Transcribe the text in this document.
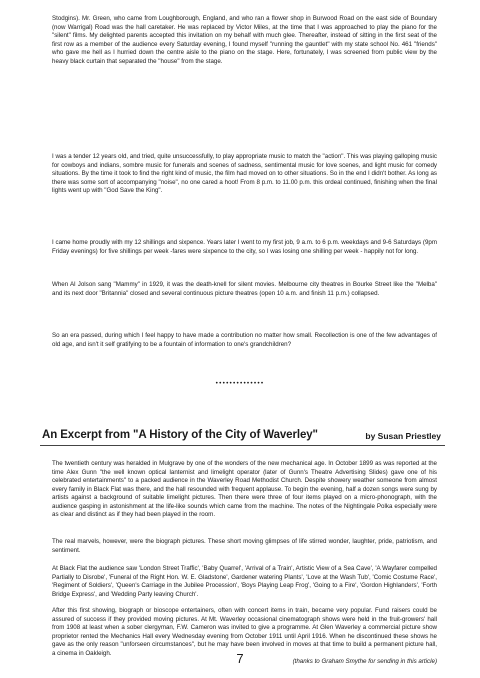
Stodgins). Mr. Green, who came from Loughborough, England, and who ran a flower shop in Burwood Road on the east side of Boundary (now Warrigal) Road was the hall caretaker. He was replaced by Victor Miles, at the time that I was approached to play the piano for the "silent" films. My delighted parents accepted this invitation on my behalf with much glee. Thereafter, instead of sitting in the first seat of the first row as a member of the audience every Saturday evening, I found myself "running the gauntlet" with my state school No. 461 "friends" who gave me hell as I hurried down the centre aisle to the piano on the stage. Here, fortunately, I was screened from public view by the heavy black curtain that separated the "house" from the stage.

I was a tender 12 years old, and tried, quite unsuccessfully, to play appropriate music to match the "action". This was playing galloping music for cowboys and indians, sombre music for funerals and scenes of sadness, sentimental music for love scenes, and light music for comedy situations. By the time it took to find the right kind of music, the film had moved on to other situations. So in the end I didn't bother. As long as there was some sort of accompanying "noise", no one cared a hoot! From 8 p.m. to 11.00 p.m. this ordeal continued, finishing when the final lights went up with "God Save the King".

I came home proudly with my 12 shillings and sixpence. Years later I went to my first job, 9 a.m. to 6 p.m. weekdays and 9-6 Saturdays (9pm Friday evenings) for five shillings per week -fares were sixpence to the city, so I was losing one shilling per week - happily not for long.

When Al Jolson sang "Mammy" in 1929, it was the death-knell for silent movies. Melbourne city theatres in Bourke Street like the "Melba" and its next door "Britannia" closed and several continuous picture theatres (open 10 a.m. and finish 11 p.m.) collapsed.

So an era passed, during which I feel happy to have made a contribution no matter how small. Recollection is one of the few advantages of old age, and isn't it self gratifying to be a fountain of information to one's grandchildren?

••••••••••••••
An Excerpt from "A History of the City of Waverley"	by Susan Priestley

The twentieth century was heralded in Mulgrave by one of the wonders of the new mechanical age. In October 1899 as was reported at the time Alex Gunn "the well known optical lanternist and limelight operator (later of Gunn's Theatre Advertising Slides) gave one of his celebrated entertainments" to a packed audience in the Waverley Road Methodist Church. Despite showery weather someone from almost every family in Black Flat was there, and the hall resounded with frequent applause. To begin the evening, half a dozen songs were sung by artists against a background of suitable limelight pictures. Then there were three of four items played on a micro-phonograph, with the audience gasping in astonishment at the life-like sounds which came from the machine. The notes of the Nightingale Polka especially were as clear and distinct as if they had been played in the room.

The real marvels, however, were the biograph pictures. These short moving glimpses of life stirred wonder, laughter, pride, patriotism, and sentiment.

At Black Flat the audience saw 'London Street Traffic', 'Baby Quarrel', 'Arrival of a Train', Artistic View of a Sea Cave', 'A Wayfarer compelled Partially to Disrobe', 'Funeral of the Right Hon. W. E. Gladstone', Gardener watering Plants', 'Love at the Wash Tub', 'Comic Costume Race', 'Regiment of Soldiers', 'Queen's Carriage in the Jubilee Procession', 'Boys Playing Leap Frog', 'Going to a Fire', 'Gordon Highlanders', 'Forth Bridge Express', and 'Wedding Party leaving Church'.

After this first showing, biograph or bioscope entertainers, often with concert items in train, became very popular. Fund raisers could be assured of success if they provided moving pictures. At Mt. Waverley occasional cinematograph shows were held in the fruit-growers' hall from 1908 at least when a sober clergyman, F.W. Cameron was invited to give a programme. At Glen Waverley a commercial picture show proprietor rented the Mechanics Hall every Wednesday evening from October 1911 until April 1916. When he discontinued these shows he gave as the only reason "unforseen circumstances", but he may have been involved in moves at that time to build a permanent picture hall, a cinema in Oakleigh.

(thanks to Graham Smythe for sending in this article)

7
